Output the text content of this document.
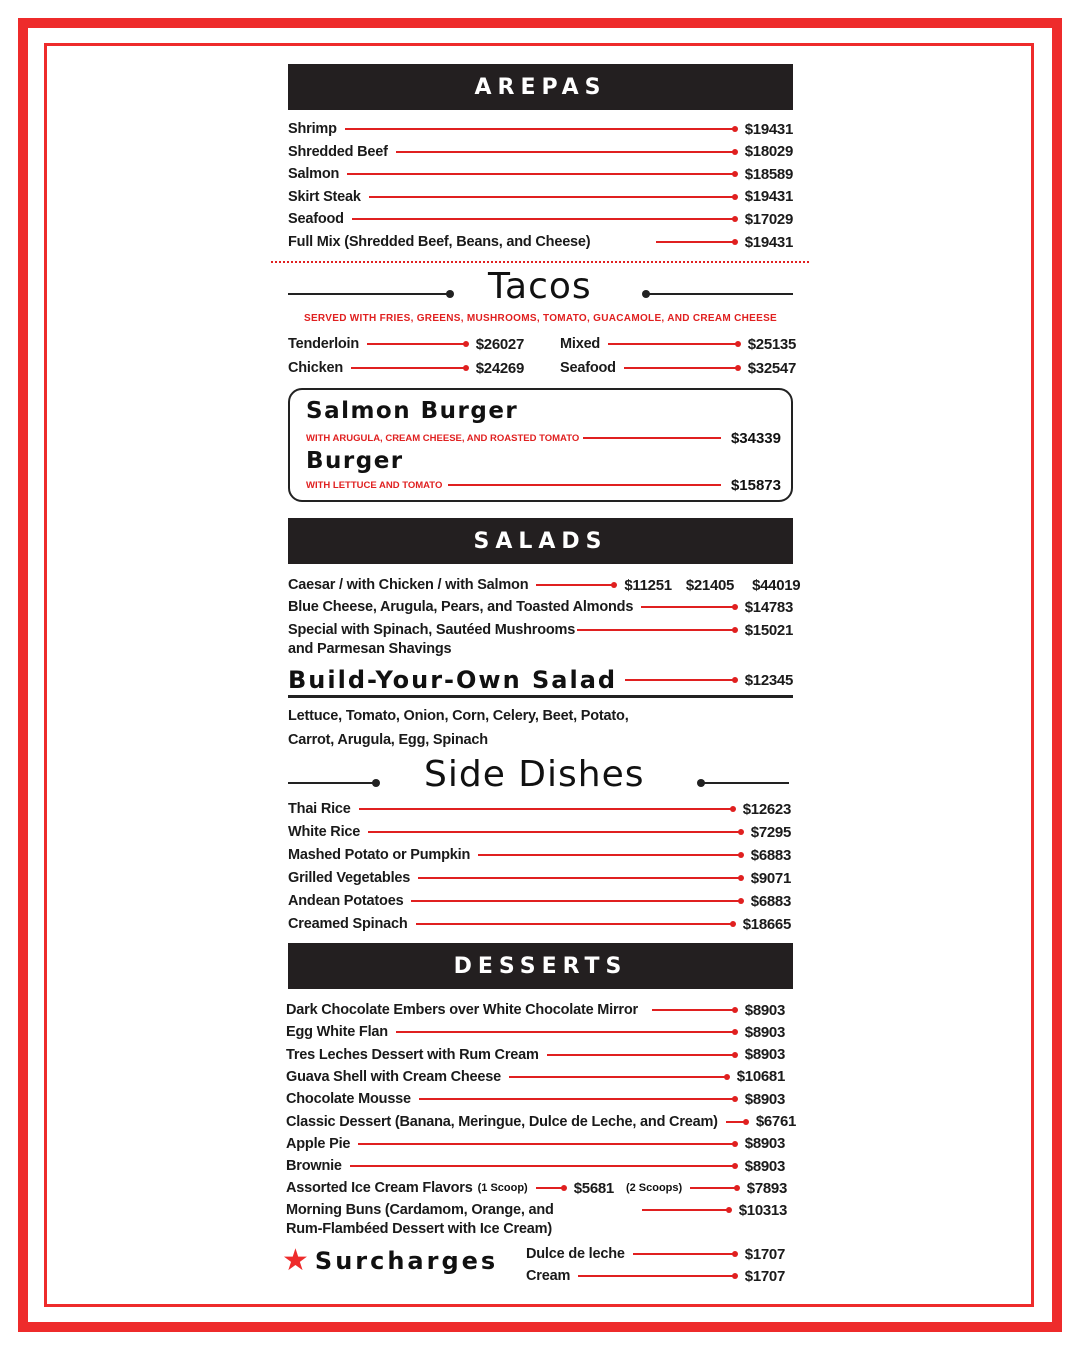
AREPAS
Shrimp	$19431
Shredded Beef	$18029
Salmon	$18589
Skirt Steak	$19431
Seafood	$17029
Full Mix (Shredded Beef, Beans, and Cheese)	$19431
Tacos
SERVED WITH FRIES, GREENS, MUSHROOMS, TOMATO, GUACAMOLE, AND CREAM CHEESE
Tenderloin	$26027
Chicken	$24269
Mixed	$25135
Seafood	$32547
Salmon Burger
WITH ARUGULA, CREAM CHEESE, AND ROASTED TOMATO	$34339
Burger
WITH LETTUCE AND TOMATO	$15873
SALADS
Caesar / with Chicken / with Salmon	$11251 $21405 $44019
Blue Cheese, Arugula, Pears, and Toasted Almonds	$14783
Special with Spinach, Sautéed Mushrooms	$15021
and Parmesan Shavings
Build-Your-Own Salad	$12345
Lettuce, Tomato, Onion, Corn, Celery, Beet, Potato,
Carrot, Arugula, Egg, Spinach
Side Dishes
Thai Rice	$12623
White Rice	$7295
Mashed Potato or Pumpkin	$6883
Grilled Vegetables	$9071
Andean Potatoes	$6883
Creamed Spinach	$18665
DESSERTS
Dark Chocolate Embers over White Chocolate Mirror	$8903
Egg White Flan	$8903
Tres Leches Dessert with Rum Cream	$8903
Guava Shell with Cream Cheese	$10681
Chocolate Mousse	$8903
Classic Dessert (Banana, Meringue, Dulce de Leche, and Cream)	$6761
Apple Pie	$8903
Brownie	$8903
Assorted Ice Cream Flavors (1 Scoop)	$5681 (2 Scoops)	$7893
Morning Buns (Cardamom, Orange, and	$10313
Rum-Flambéed Dessert with Ice Cream)
★ Surcharges Dulce de leche	$1707
Cream	$1707
